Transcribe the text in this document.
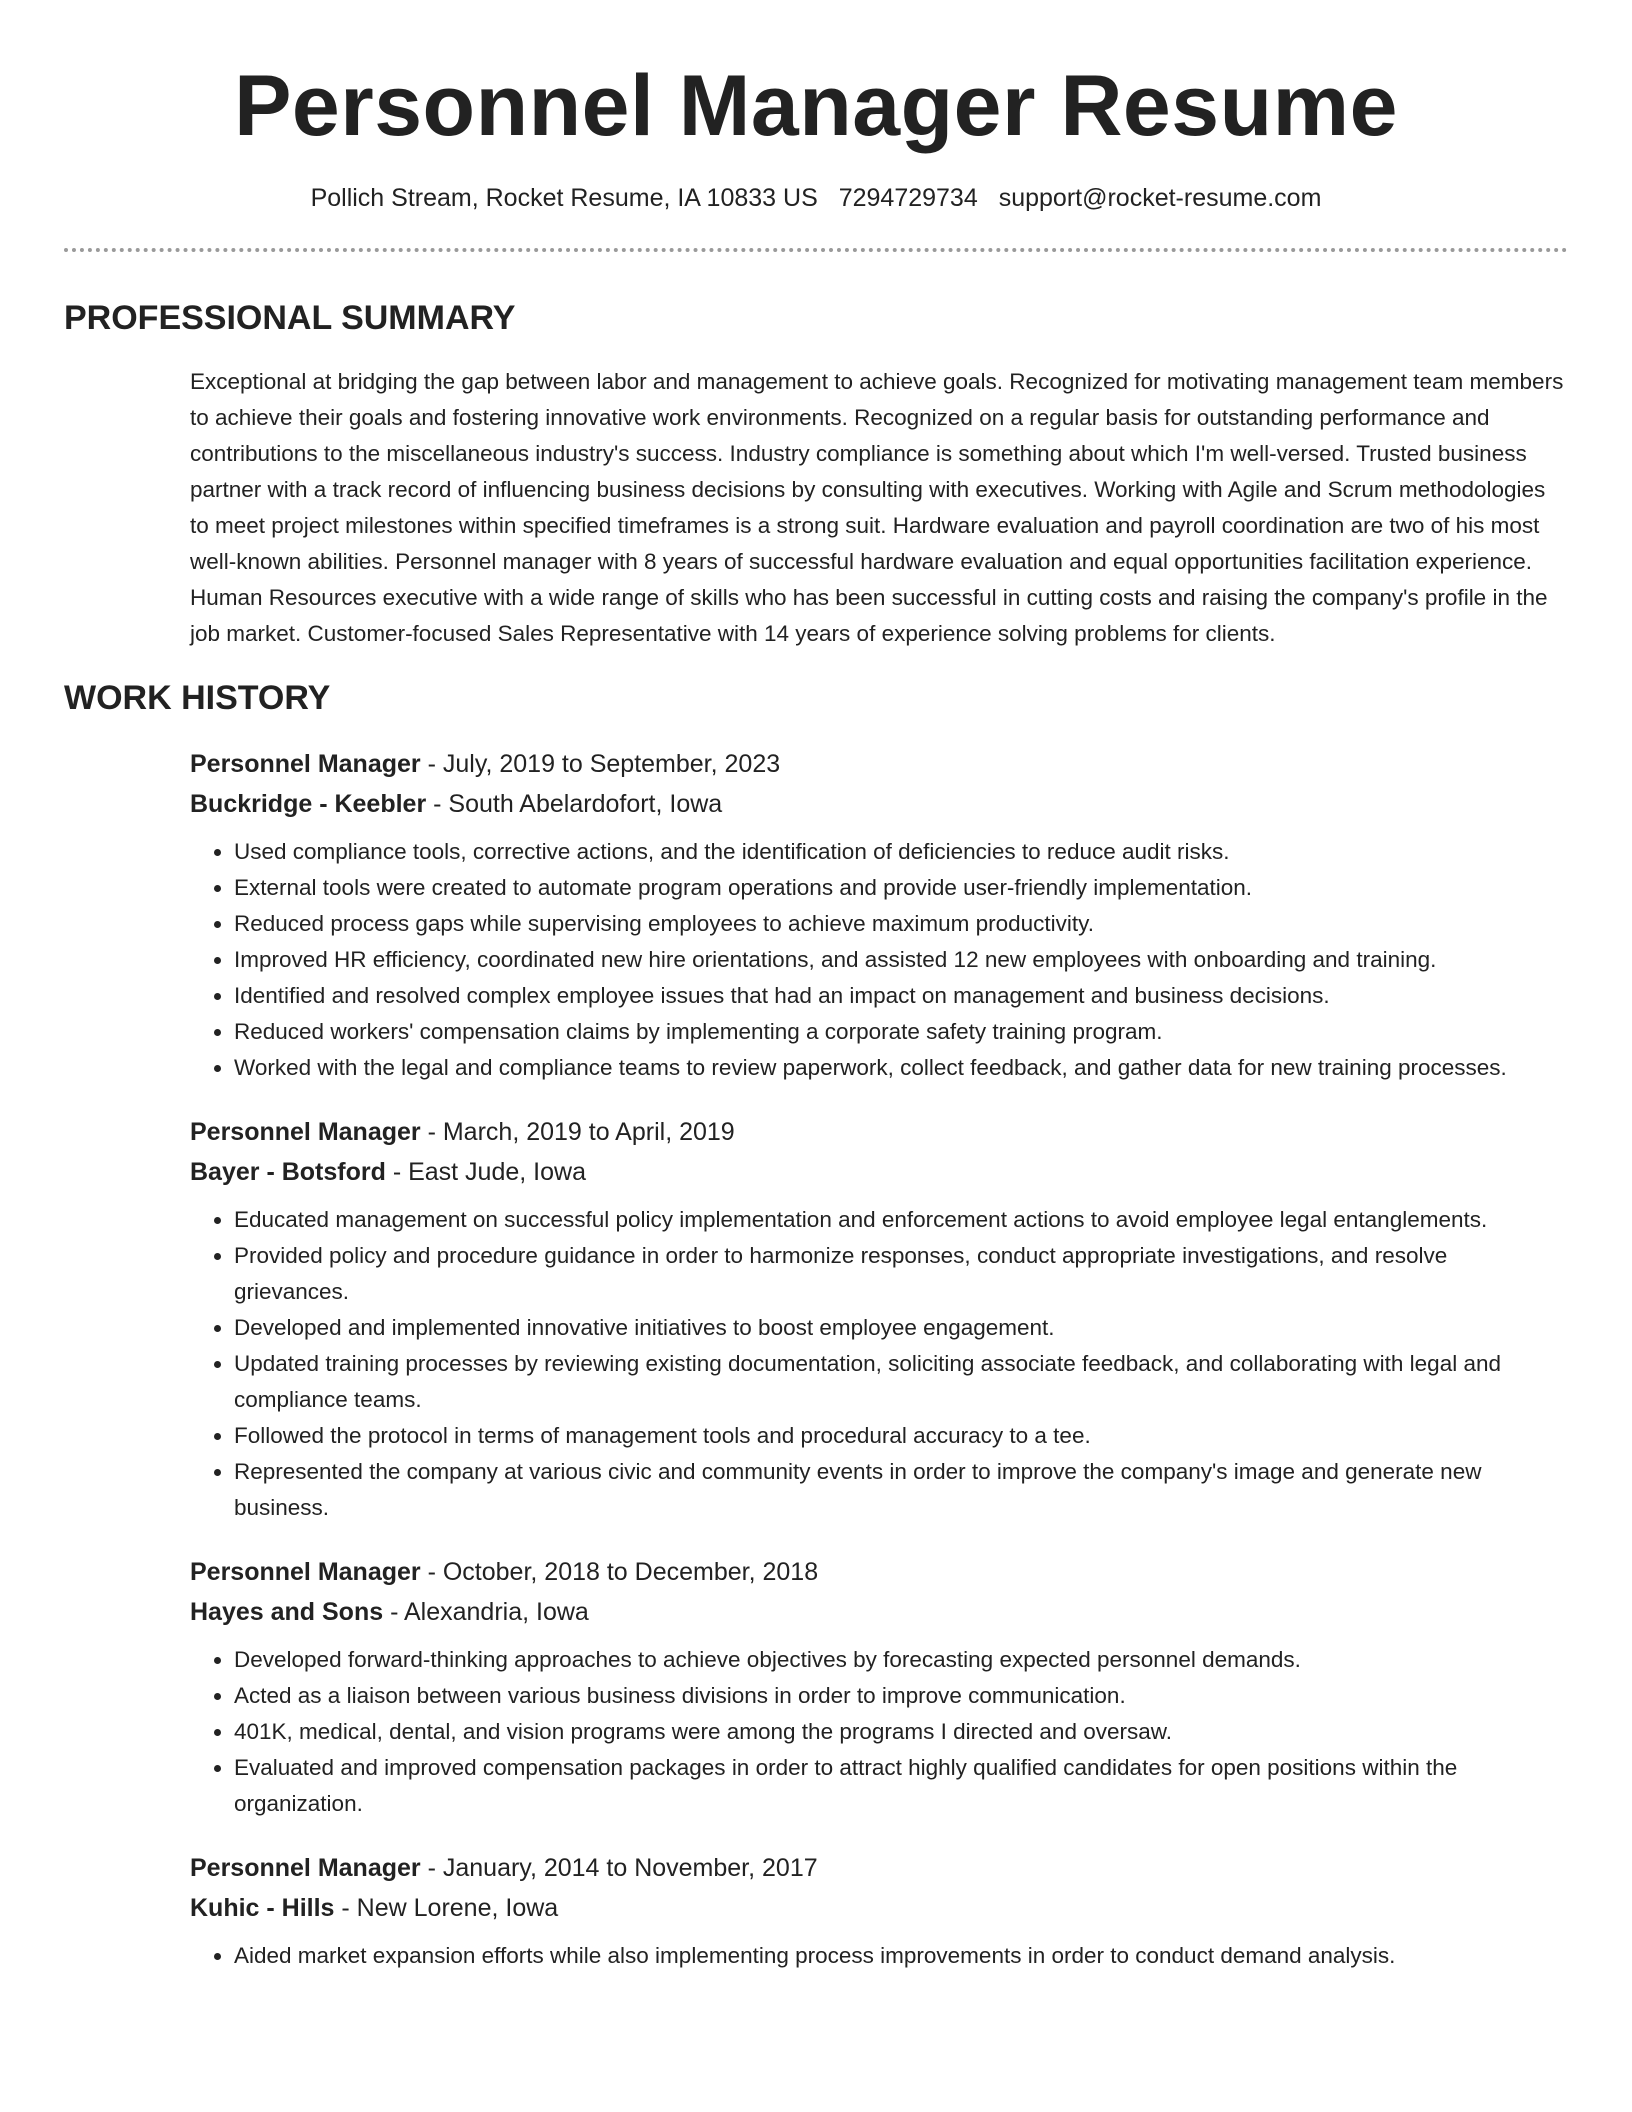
Personnel Manager Resume
Pollich Stream, Rocket Resume, IA 10833 US 7294729734 support@rocket-resume.com
PROFESSIONAL SUMMARY

Exceptional at bridging the gap between labor and management to achieve goals. Recognized for motivating management team members to achieve their goals and fostering innovative work environments. Recognized on a regular basis for outstanding performance and contributions to the miscellaneous industry's success. Industry compliance is something about which I'm well-versed. Trusted business partner with a track record of influencing business decisions by consulting with executives. Working with Agile and Scrum methodologies to meet project milestones within specified timeframes is a strong suit. Hardware evaluation and payroll coordination are two of his most well-known abilities. Personnel manager with 8 years of successful hardware evaluation and equal opportunities facilitation experience. Human Resources executive with a wide range of skills who has been successful in cutting costs and raising the company's profile in the job market. Customer-focused Sales Representative with 14 years of experience solving problems for clients.

WORK HISTORY
Personnel Manager - July, 2019 to September, 2023
Buckridge - Keebler - South Abelardofort, Iowa
• Used compliance tools, corrective actions, and the identification of deficiencies to reduce audit risks.
• External tools were created to automate program operations and provide user-friendly implementation.
• Reduced process gaps while supervising employees to achieve maximum productivity.
• Improved HR efficiency, coordinated new hire orientations, and assisted 12 new employees with onboarding and training.
• Identified and resolved complex employee issues that had an impact on management and business decisions.
• Reduced workers' compensation claims by implementing a corporate safety training program.
• Worked with the legal and compliance teams to review paperwork, collect feedback, and gather data for new training processes.
Personnel Manager - March, 2019 to April, 2019
Bayer - Botsford - East Jude, Iowa
• Educated management on successful policy implementation and enforcement actions to avoid employee legal entanglements.
• Provided policy and procedure guidance in order to harmonize responses, conduct appropriate investigations, and resolve grievances.
• Developed and implemented innovative initiatives to boost employee engagement.
• Updated training processes by reviewing existing documentation, soliciting associate feedback, and collaborating with legal and compliance teams.
• Followed the protocol in terms of management tools and procedural accuracy to a tee.
• Represented the company at various civic and community events in order to improve the company's image and generate new business.
Personnel Manager - October, 2018 to December, 2018
Hayes and Sons - Alexandria, Iowa
• Developed forward-thinking approaches to achieve objectives by forecasting expected personnel demands.
• Acted as a liaison between various business divisions in order to improve communication.
• 401K, medical, dental, and vision programs were among the programs I directed and oversaw.
• Evaluated and improved compensation packages in order to attract highly qualified candidates for open positions within the organization.
Personnel Manager - January, 2014 to November, 2017
Kuhic - Hills - New Lorene, Iowa
• Aided market expansion efforts while also implementing process improvements in order to conduct demand analysis.
